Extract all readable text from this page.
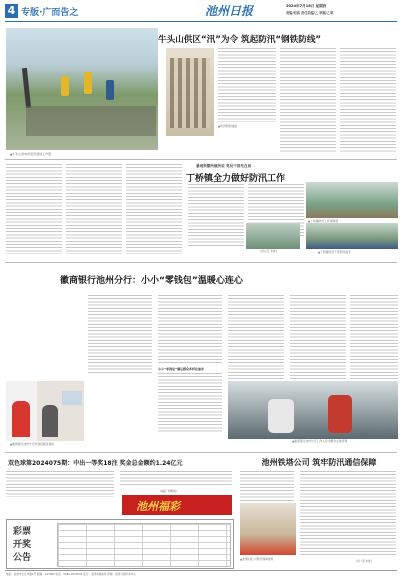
4 专版·广而告之	池州日报	2024年7月18日 星期四
责编/何真 责任美编/乙 审稿/乙某
牛头山供区“汛”为令 筑起防汛“钢铁防线”
▲牛头山供电所防汛现场工作照
▲防汛物资储备
暴雨预警所做所说 党员干部先在岗
丁桥镇全力做好防汛工作
(何小红 朱彬)
▲丁桥镇防汛工作现场照
▲丁桥镇党员干部防汛值守
徽商银行池州分行：小小“零钱包”温暖心连心
小小“零钱包”满足群众多样化需求
▲徽商银行池州分行零钱包服务现场
▲徽商银行池州分行工作人员为群众兑换零钱
(汪恒)
双色球第2024075期：中出一等奖18注 奖金总金额约1.24亿元
(福彩 刘明波)
池州福彩
彩票开奖公告
池州铁塔公司 筑牢防汛通信保障
▲池州铁塔公司防汛保障现场
(何一新 朱彬)
地址：池州市长江中路1号 邮编：247000 电话：0566-2022000 发行：池州市邮政局 印刷：池州日报印务中心
